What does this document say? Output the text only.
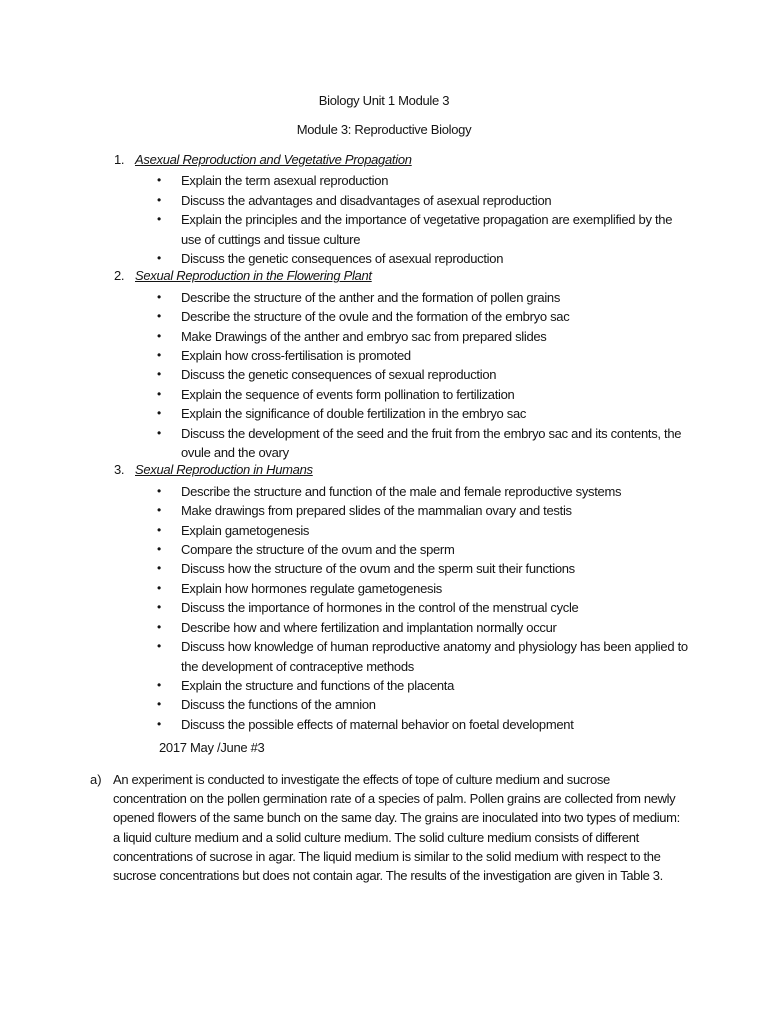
Biology Unit 1 Module 3
Module 3: Reproductive Biology
1. Asexual Reproduction and Vegetative Propagation
• Explain the term asexual reproduction
• Discuss the advantages and disadvantages of asexual reproduction
• Explain the principles and the importance of vegetative propagation are exemplified by the use of cuttings and tissue culture
• Discuss the genetic consequences of asexual reproduction
2. Sexual Reproduction in the Flowering Plant
• Describe the structure of the anther and the formation of pollen grains
• Describe the structure of the ovule and the formation of the embryo sac
• Make Drawings of the anther and embryo sac from prepared slides
• Explain how cross-fertilisation is promoted
• Discuss the genetic consequences of sexual reproduction
• Explain the sequence of events form pollination to fertilization
• Explain the significance of double fertilization in the embryo sac
• Discuss the development of the seed and the fruit from the embryo sac and its contents, the ovule and the ovary
3. Sexual Reproduction in Humans
• Describe the structure and function of the male and female reproductive systems
• Make drawings from prepared slides of the mammalian ovary and testis
• Explain gametogenesis
• Compare the structure of the ovum and the sperm
• Discuss how the structure of the ovum and the sperm suit their functions
• Explain how hormones regulate gametogenesis
• Discuss the importance of hormones in the control of the menstrual cycle
• Describe how and where fertilization and implantation normally occur
• Discuss how knowledge of human reproductive anatomy and physiology has been applied to the development of contraceptive methods
• Explain the structure and functions of the placenta
• Discuss the functions of the amnion
• Discuss the possible effects of maternal behavior on foetal development
2017 May /June #3
a) An experiment is conducted to investigate the effects of tope of culture medium and sucrose concentration on the pollen germination rate of a species of palm. Pollen grains are collected from newly opened flowers of the same bunch on the same day. The grains are inoculated into two types of medium: a liquid culture medium and a solid culture medium. The solid culture medium consists of different concentrations of sucrose in agar. The liquid medium is similar to the solid medium with respect to the sucrose concentrations but does not contain agar. The results of the investigation are given in Table 3.
